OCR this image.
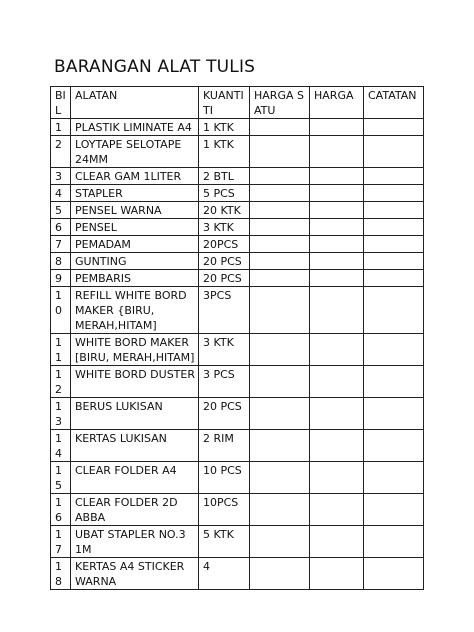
BARANGAN ALAT TULIS
BIL	ALATAN	KUANTITI	HARGA SATU	HARGA	CATATAN
1	PLASTIK LIMINATE A4	1 KTK			
2	LOYTAPE SELOTAPE 24MM	1 KTK			
3	CLEAR GAM 1LITER	2 BTL			
4	STAPLER	5 PCS			
5	PENSEL WARNA	20 KTK			
6	PENSEL	3 KTK			
7	PEMADAM	20PCS			
8	GUNTING	20 PCS			
9	PEMBARIS	20 PCS			
10	REFILL WHITE BORD MAKER {BIRU, MERAH,HITAM]	3PCS			
11	WHITE BORD MAKER [BIRU, MERAH,HITAM]	3 KTK			
12	WHITE BORD DUSTER	3 PCS			
13	BERUS LUKISAN	20 PCS			
14	KERTAS LUKISAN	2 RIM			
15	CLEAR FOLDER A4	10 PCS			
16	CLEAR FOLDER 2D ABBA	10PCS			
17	UBAT STAPLER NO.3 1M	5 KTK			
18	KERTAS A4 STICKER WARNA	4			
